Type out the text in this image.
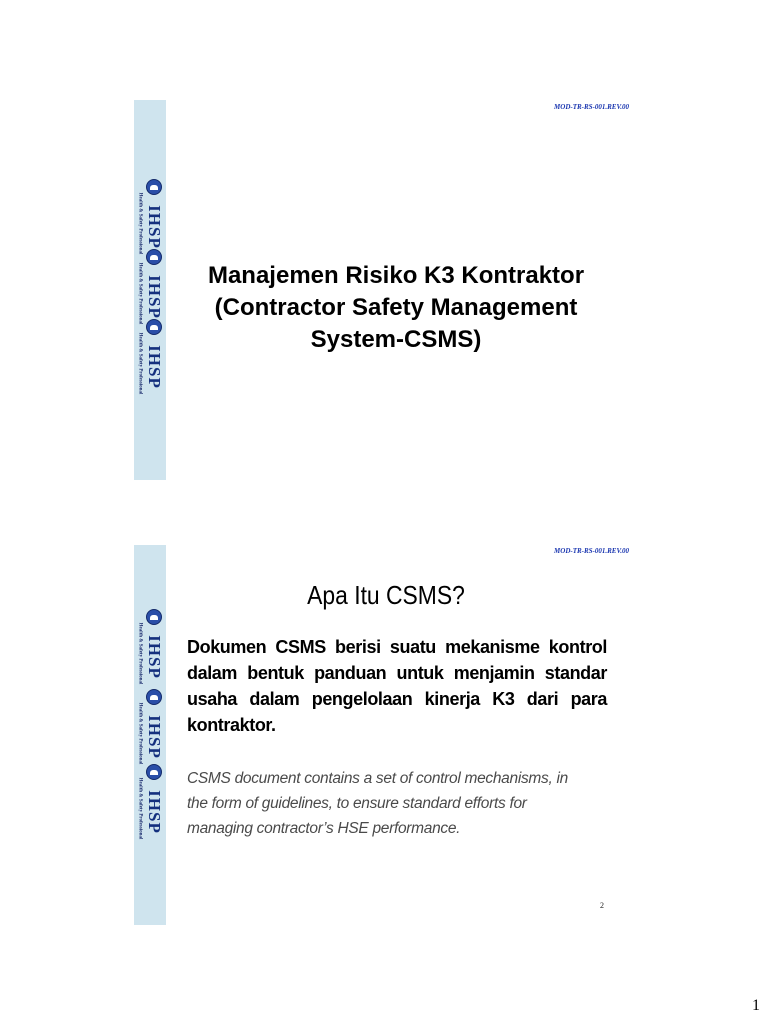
Health & Safety Professional IHSP
Health & Safety Professional IHSP
Health & Safety Professional IHSP
MOD-TR-RS-001.REV.00
Manajemen Risiko K3 Kontraktor
(Contractor Safety Management
System-CSMS)
Health & Safety Professional IHSP
Health & Safety Professional IHSP
Health & Safety Professional IHSP
MOD-TR-RS-001.REV.00
Apa Itu CSMS?
Dokumen CSMS berisi suatu mekanisme kontrol
dalam bentuk panduan untuk menjamin standar
usaha dalam pengelolaan kinerja K3 dari para
kontraktor.
CSMS document contains a set of control mechanisms, in
the form of guidelines, to ensure standard efforts for
managing contractor’s HSE performance.
2
1
